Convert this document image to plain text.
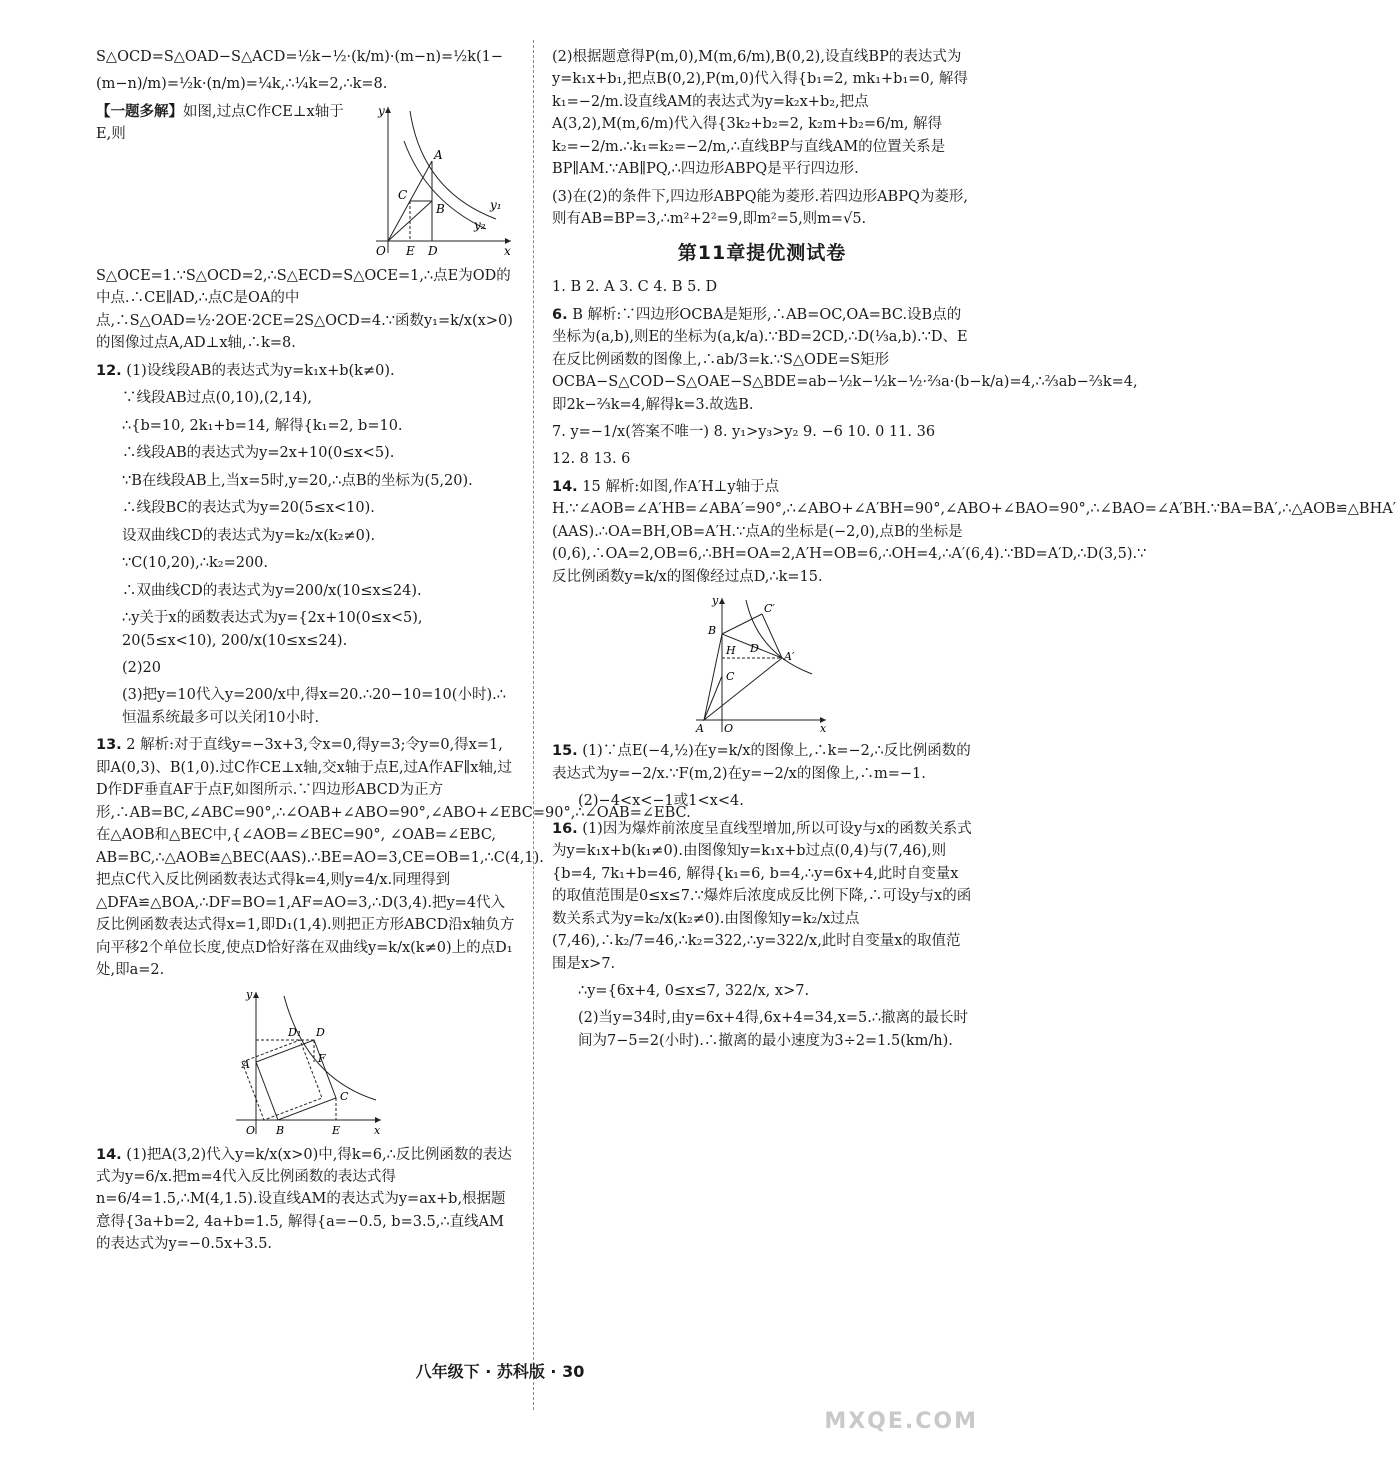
S△OCD=S△OAD−S△ACD=½k−½·(k/m)·(m−n)=½k(1−

(m−n)/m)=½k·(n/m)=¼k,∴¼k=2,∴k=8.

y
A
C
B	y₁
y₂
O E D	x

【一题多解】如图,过点C作CE⊥x轴于E,则S△OCE=1.∵S△OCD=2,∴S△ECD=S△OCE=1,∴点E为OD的中点.∴CE∥AD,∴点C是OA的中点,∴S△OAD=½·2OE·2CE=2S△OCD=4.∵函数y₁=k/x(x>0)的图像过点A,AD⊥x轴,∴k=8.

12. (1)设线段AB的表达式为y=k₁x+b(k≠0).

∵线段AB过点(0,10),(2,14),

∴{b=10, 2k₁+b=14, 解得{k₁=2, b=10.

∴线段AB的表达式为y=2x+10(0≤x<5).

∵B在线段AB上,当x=5时,y=20,∴点B的坐标为(5,20).

∴线段BC的表达式为y=20(5≤x<10).

设双曲线CD的表达式为y=k₂/x(k₂≠0).

∵C(10,20),∴k₂=200.

∴双曲线CD的表达式为y=200/x(10≤x≤24).

∴y关于x的函数表达式为y={2x+10(0≤x<5), 20(5≤x<10), 200/x(10≤x≤24).

(2)20

(3)把y=10代入y=200/x中,得x=20.∴20−10=10(小时).∴恒温系统最多可以关闭10小时.

13. 2 解析:对于直线y=−3x+3,令x=0,得y=3;令y=0,得x=1,即A(0,3)、B(1,0).过C作CE⊥x轴,交x轴于点E,过A作AF∥x轴,过D作DF垂直AF于点F,如图所示.∵四边形ABCD为正方形,∴AB=BC,∠ABC=90°,∴∠OAB+∠ABO=90°,∠ABO+∠EBC=90°,∴∠OAB=∠EBC.在△AOB和△BEC中,{∠AOB=∠BEC=90°, ∠OAB=∠EBC, AB=BC,∴△AOB≌△BEC(AAS).∴BE=AO=3,CE=OB=1,∴C(4,1).把点C代入反比例函数表达式得k=4,则y=4/x.同理得到△DFA≌△BOA,∴DF=BO=1,AF=AO=3,∴D(3,4).把y=4代入反比例函数表达式得x=1,即D₁(1,4).则把正方形ABCD沿x轴负方向平移2个单位长度,使点D恰好落在双曲线y=k/x(k≠0)上的点D₁处,即a=2.

y
D₁ D
A	F
C
O B	E	x

14. (1)把A(3,2)代入y=k/x(x>0)中,得k=6,∴反比例函数的表达式为y=6/x.把m=4代入反比例函数的表达式得n=6/4=1.5,∴M(4,1.5).设直线AM的表达式为y=ax+b,根据题意得{3a+b=2, 4a+b=1.5, 解得{a=−0.5, b=3.5,∴直线AM的表达式为y=−0.5x+3.5.

(2)根据题意得P(m,0),M(m,6/m),B(0,2),设直线BP的表达式为y=k₁x+b₁,把点B(0,2),P(m,0)代入得{b₁=2, mk₁+b₁=0, 解得k₁=−2/m.设直线AM的表达式为y=k₂x+b₂,把点A(3,2),M(m,6/m)代入得{3k₂+b₂=2, k₂m+b₂=6/m, 解得k₂=−2/m.∴k₁=k₂=−2/m,∴直线BP与直线AM的位置关系是BP∥AM.∵AB∥PQ,∴四边形ABPQ是平行四边形.

(3)在(2)的条件下,四边形ABPQ能为菱形.若四边形ABPQ为菱形,则有AB=BP=3,∴m²+2²=9,即m²=5,则m=√5.

第11章提优测试卷

1. B 2. A 3. C 4. B 5. D

6. B 解析:∵四边形OCBA是矩形,∴AB=OC,OA=BC.设B点的坐标为(a,b),则E的坐标为(a,k/a).∵BD=2CD,∴D(⅓a,b).∵D、E在反比例函数的图像上,∴ab/3=k.∵S△ODE=S矩形OCBA−S△COD−S△OAE−S△BDE=ab−½k−½k−½·⅔a·(b−k/a)=4,∴⅔ab−⅔k=4,即2k−⅔k=4,解得k=3.故选B.

7. y=−1/x(答案不唯一) 8. y₁>y₃>y₂ 9. −6 10. 0 11. 36

12. 8 13. 6

14. 15 解析:如图,作A′H⊥y轴于点H.∵∠AOB=∠A′HB=∠ABA′=90°,∴∠ABO+∠A′BH=90°,∠ABO+∠BAO=90°,∴∠BAO=∠A′BH.∵BA=BA′,∴△AOB≌△BHA′(AAS).∴OA=BH,OB=A′H.∵点A的坐标是(−2,0),点B的坐标是(0,6),∴OA=2,OB=6,∴BH=OA=2,A′H=OB=6,∴OH=4,∴A′(6,4).∵BD=A′D,∴D(3,5).∵反比例函数y=k/x的图像经过点D,∴k=15.

y
B
C′
H D
A′
C
A O	x

15. (1)∵点E(−4,½)在y=k/x的图像上,∴k=−2,∴反比例函数的表达式为y=−2/x.∵F(m,2)在y=−2/x的图像上,∴m=−1.

(2)−4<x<−1或1<x<4.

16. (1)因为爆炸前浓度呈直线型增加,所以可设y与x的函数关系式为y=k₁x+b(k₁≠0).由图像知y=k₁x+b过点(0,4)与(7,46),则{b=4, 7k₁+b=46, 解得{k₁=6, b=4,∴y=6x+4,此时自变量x的取值范围是0≤x≤7.∵爆炸后浓度成反比例下降,∴可设y与x的函数关系式为y=k₂/x(k₂≠0).由图像知y=k₂/x过点(7,46),∴k₂/7=46,∴k₂=322,∴y=322/x,此时自变量x的取值范围是x>7.

∴y={6x+4, 0≤x≤7, 322/x, x>7.

(2)当y=34时,由y=6x+4得,6x+4=34,x=5.∴撤离的最长时间为7−5=2(小时).∴撤离的最小速度为3÷2=1.5(km/h).

八年级下 · 苏科版 · 30
MXQE.COM
